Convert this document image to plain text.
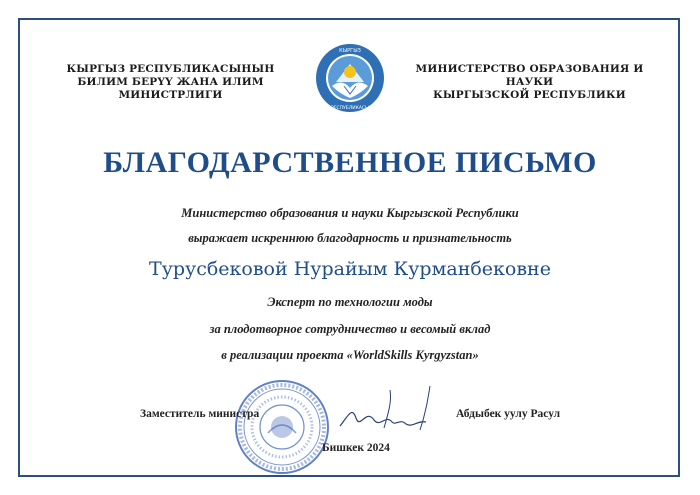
КЫРГЫЗ РЕСПУБЛИКАСЫНЫН
БИЛИМ БЕРҮҮ ЖАНА ИЛИМ МИНИСТРЛИГИ
КЫРГЫЗ
РЕСПУБЛИКАСЫ
МИНИСТЕРСТВО ОБРАЗОВАНИЯ И НАУКИ
КЫРГЫЗСКОЙ РЕСПУБЛИКИ
БЛАГОДАРСТВЕННОЕ ПИСЬМО
Министерство образования и науки Кыргызской Республики
выражает искреннюю благодарность и признательность
Турусбековой Нурайым Курманбековне
Эксперт по технологии моды
за плодотворное сотрудничество и весомый вклад
в реализации проекта «WorldSkills Kyrgyzstan»
Заместитель министра	Абдыбек уулу Расул
Бишкек 2024
